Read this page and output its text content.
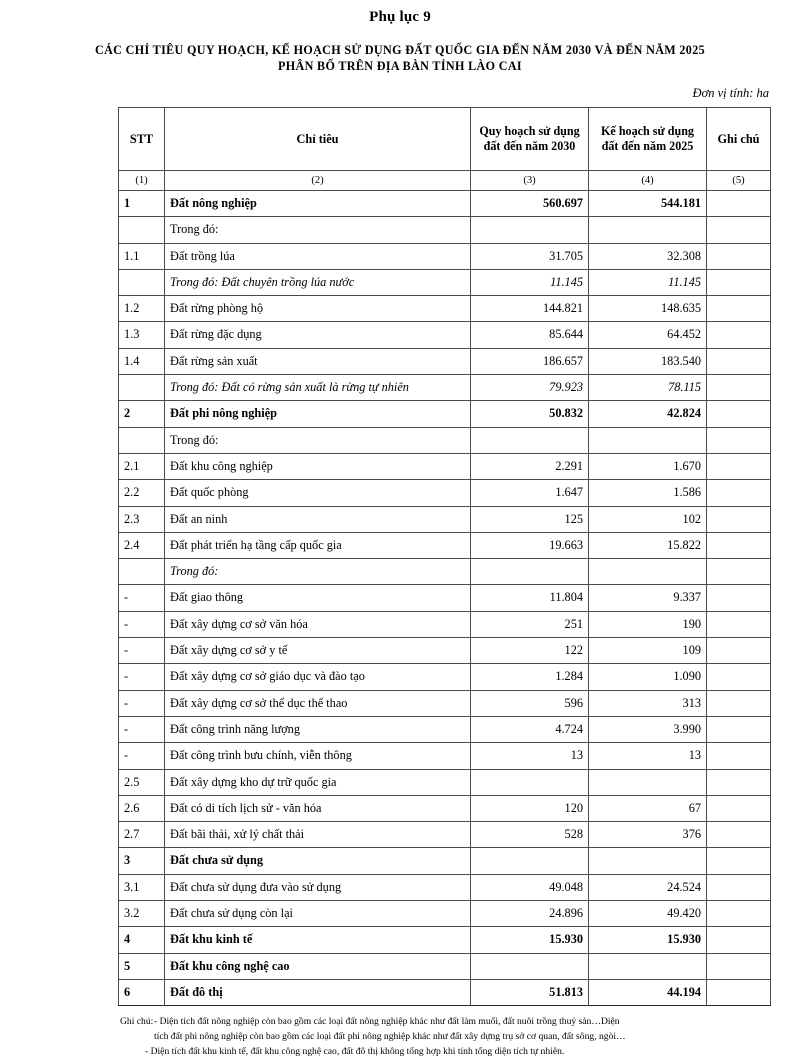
Phụ lục 9
CÁC CHỈ TIÊU QUY HOẠCH, KẾ HOẠCH SỬ DỤNG ĐẤT QUỐC GIA ĐẾN NĂM 2030 VÀ ĐẾN NĂM 2025
PHÂN BỐ TRÊN ĐỊA BÀN TỈNH LÀO CAI
Đơn vị tính: ha
STT	Chỉ tiêu	Quy hoạch sử dụng đất đến năm 2030	Kế hoạch sử dụng đất đến năm 2025	Ghi chú
(1)	(2)	(3)	(4)	(5)
1	Đất nông nghiệp	560.697	544.181	
	Trong đó:			
1.1	Đất trồng lúa	31.705	32.308	
	Trong đó: Đất chuyên trồng lúa nước	11.145	11.145	
1.2	Đất rừng phòng hộ	144.821	148.635	
1.3	Đất rừng đặc dụng	85.644	64.452	
1.4	Đất rừng sản xuất	186.657	183.540	
	Trong đó: Đất có rừng sản xuất là rừng tự nhiên	79.923	78.115	
2	Đất phi nông nghiệp	50.832	42.824	
	Trong đó:			
2.1	Đất khu công nghiệp	2.291	1.670	
2.2	Đất quốc phòng	1.647	1.586	
2.3	Đất an ninh	125	102	
2.4	Đất phát triển hạ tầng cấp quốc gia	19.663	15.822	
	Trong đó:			
-	Đất giao thông	11.804	9.337	
-	Đất xây dựng cơ sở văn hóa	251	190	
-	Đất xây dựng cơ sở y tế	122	109	
-	Đất xây dựng cơ sở giáo dục và đào tạo	1.284	1.090	
-	Đất xây dựng cơ sở thể dục thể thao	596	313	
-	Đất công trình năng lượng	4.724	3.990	
-	Đất công trình bưu chính, viễn thông	13	13	
2.5	Đất xây dựng kho dự trữ quốc gia			
2.6	Đất có di tích lịch sử - văn hóa	120	67	
2.7	Đất bãi thải, xử lý chất thải	528	376	
3	Đất chưa sử dụng			
3.1	Đất chưa sử dụng đưa vào sử dụng	49.048	24.524	
3.2	Đất chưa sử dụng còn lại	24.896	49.420	
4	Đất khu kinh tế	15.930	15.930	
5	Đất khu công nghệ cao			
6	Đất đô thị	51.813	44.194	
Ghi chú:- Diện tích đất nông nghiệp còn bao gồm các loại đất nông nghiệp khác như đất làm muối, đất nuôi trồng thuỷ sản…Diện
tích đất phi nông nghiệp còn bao gồm các loại đất phi nông nghiệp khác như đất xây dựng trụ sở cơ quan, đất sông, ngòi…
- Diện tích đất khu kinh tế, đất khu công nghệ cao, đất đô thị không tổng hợp khi tính tổng diện tích tự nhiên.
